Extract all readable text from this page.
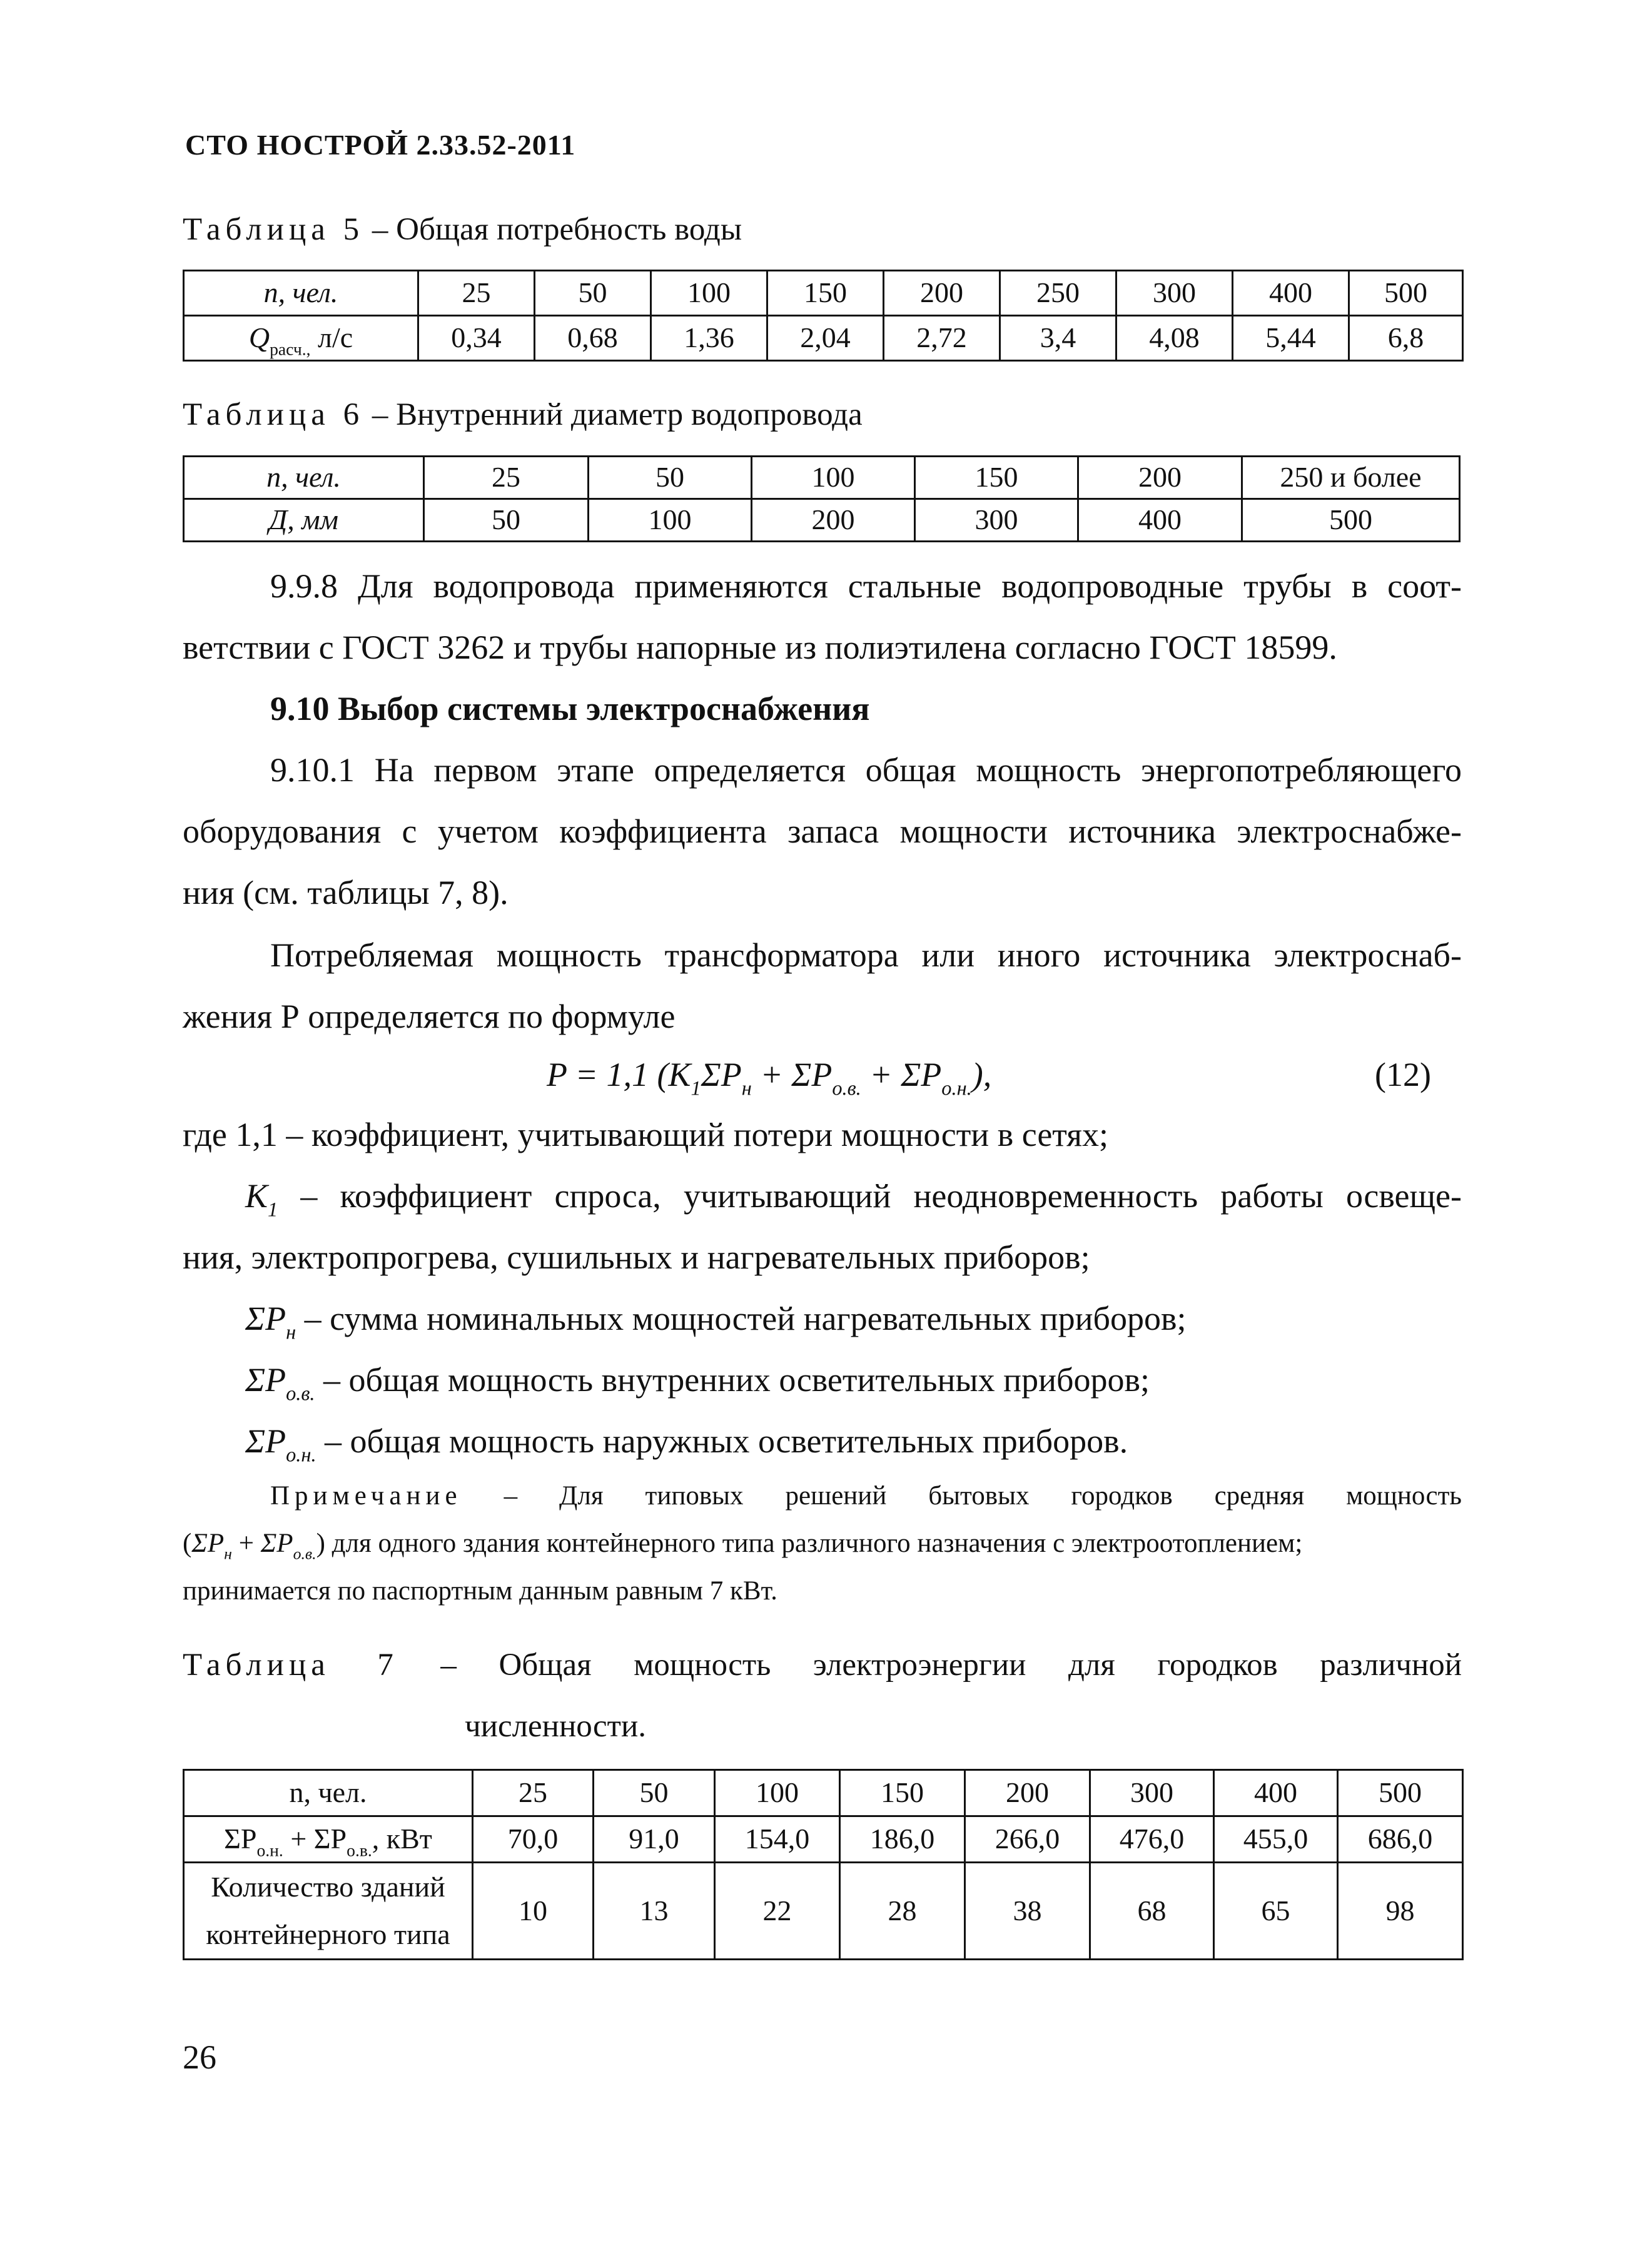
СТО НОСТРОЙ 2.33.52-2011
Таблица 5 – Общая потребность воды
п, чел.	25	50	100	150	200	250	300	400	500
$Q_{расч.,}$ л/с	0,34	0,68	1,36	2,04	2,72	3,4	4,08	5,44	6,8
Таблица 6 – Внутренний диаметр водопровода
п, чел.	25	50	100	150	200	250 и более
Д, мм	50	100	200	300	400	500
9.9.8 Для водопровода применяются стальные водопроводные трубы в соот-
ветствии с ГОСТ 3262 и трубы напорные из полиэтилена согласно ГОСТ 18599.
9.10 Выбор системы электроснабжения
9.10.1 На первом этапе определяется общая мощность энергопотребляющего
оборудования с учетом коэффициента запаса мощности источника электроснабже-
ния (см. таблицы 7, 8).
Потребляемая мощность трансформатора или иного источника электроснаб-
жения Р определяется по формуле
P = 1,1 $(K_1\Sigma P_н + \Sigma P_{о.в.} + \Sigma P_{о.н.})$,	(12)
где 1,1 – коэффициент, учитывающий потери мощности в сетях;
$K_1$ – коэффициент спроса, учитывающий неодновременность работы освеще-
ния, электропрогрева, сушильных и нагревательных приборов;
$\Sigma P_н$ – сумма номинальных мощностей нагревательных приборов;
$\Sigma P_{о.в.}$ – общая мощность внутренних осветительных приборов;
$\Sigma P_{о.н.}$ – общая мощность наружных осветительных приборов.
Примечание – Для типовых решений бытовых городков средняя мощность
$(\Sigma P_н + \Sigma P_{о.в.})$ для одного здания контейнерного типа различного назначения с электроотоплением;
принимается по паспортным данным равным 7 кВт.
Таблица 7 – Общая мощность электроэнергии для городков различной
численности.
n, чел.	25	50	100	150	200	300	400	500
$\Sigma P_{о.н.} + \Sigma P_{о.в.}$, кВт	70,0	91,0	154,0	186,0	266,0	476,0	455,0	686,0

Количество зданий
контейнерного типа	10	13	22	28	38	68	65	98
26
